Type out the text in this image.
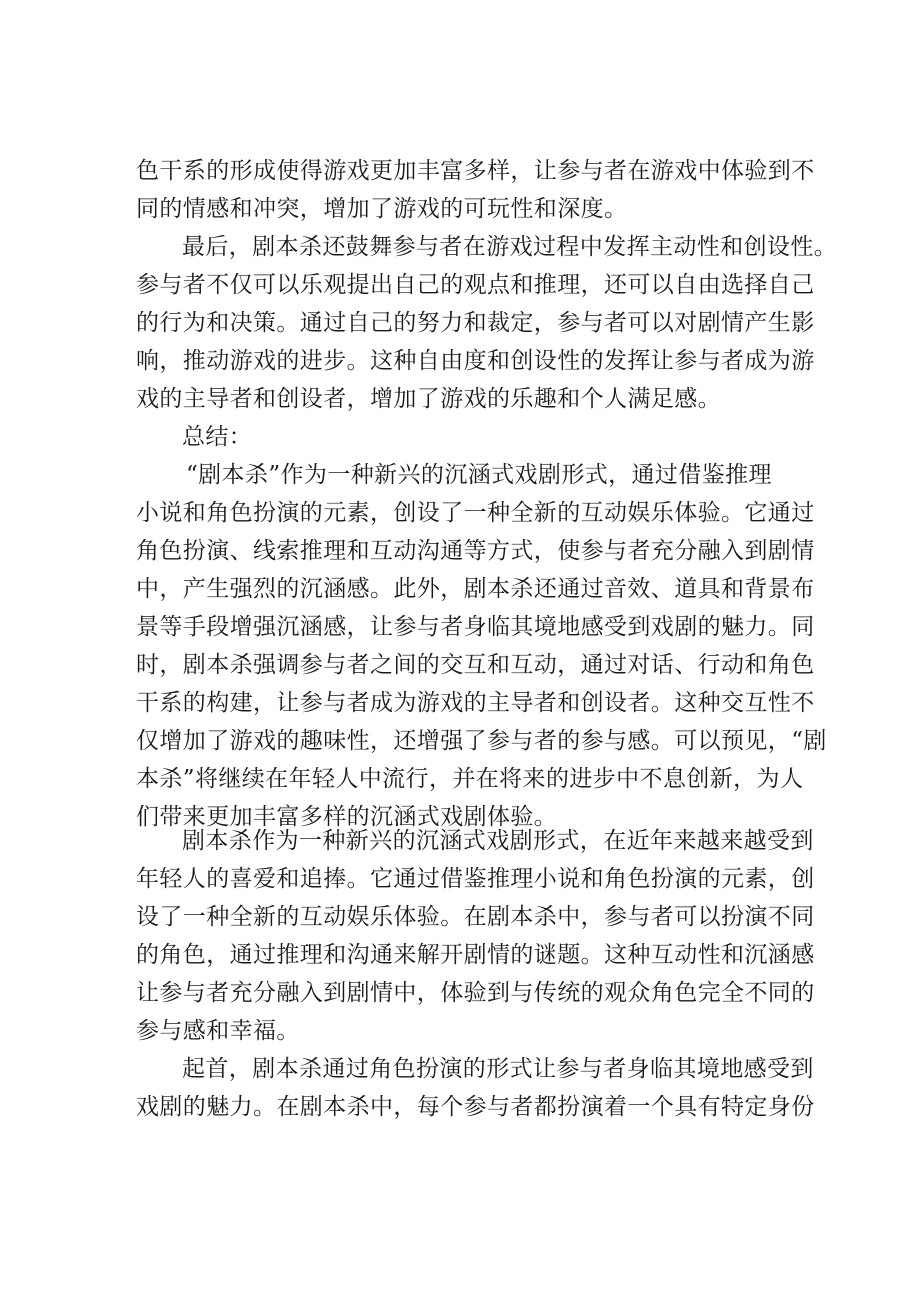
色干系的形成使得游戏更加丰富多样，让参与者在游戏中体验到不
同的情感和冲突，增加了游戏的可玩性和深度。
最后，剧本杀还鼓舞参与者在游戏过程中发挥主动性和创设性。
参与者不仅可以乐观提出自己的观点和推理，还可以自由选择自己
的行为和决策。通过自己的努力和裁定，参与者可以对剧情产生影
响，推动游戏的进步。这种自由度和创设性的发挥让参与者成为游
戏的主导者和创设者，增加了游戏的乐趣和个人满足感。
总结：
“剧本杀”作为一种新兴的沉涵式戏剧形式，通过借鉴推理
小说和角色扮演的元素，创设了一种全新的互动娱乐体验。它通过
角色扮演、线索推理和互动沟通等方式，使参与者充分融入到剧情
中，产生强烈的沉涵感。此外，剧本杀还通过音效、道具和背景布
景等手段增强沉涵感，让参与者身临其境地感受到戏剧的魅力。同
时，剧本杀强调参与者之间的交互和互动，通过对话、行动和角色
干系的构建，让参与者成为游戏的主导者和创设者。这种交互性不
仅增加了游戏的趣味性，还增强了参与者的参与感。可以预见，“剧
本杀”将继续在年轻人中流行，并在将来的进步中不息创新，为人
们带来更加丰富多样的沉涵式戏剧体验。
剧本杀作为一种新兴的沉涵式戏剧形式，在近年来越来越受到
年轻人的喜爱和追捧。它通过借鉴推理小说和角色扮演的元素，创
设了一种全新的互动娱乐体验。在剧本杀中，参与者可以扮演不同
的角色，通过推理和沟通来解开剧情的谜题。这种互动性和沉涵感
让参与者充分融入到剧情中，体验到与传统的观众角色完全不同的
参与感和幸福。
起首，剧本杀通过角色扮演的形式让参与者身临其境地感受到
戏剧的魅力。在剧本杀中，每个参与者都扮演着一个具有特定身份
